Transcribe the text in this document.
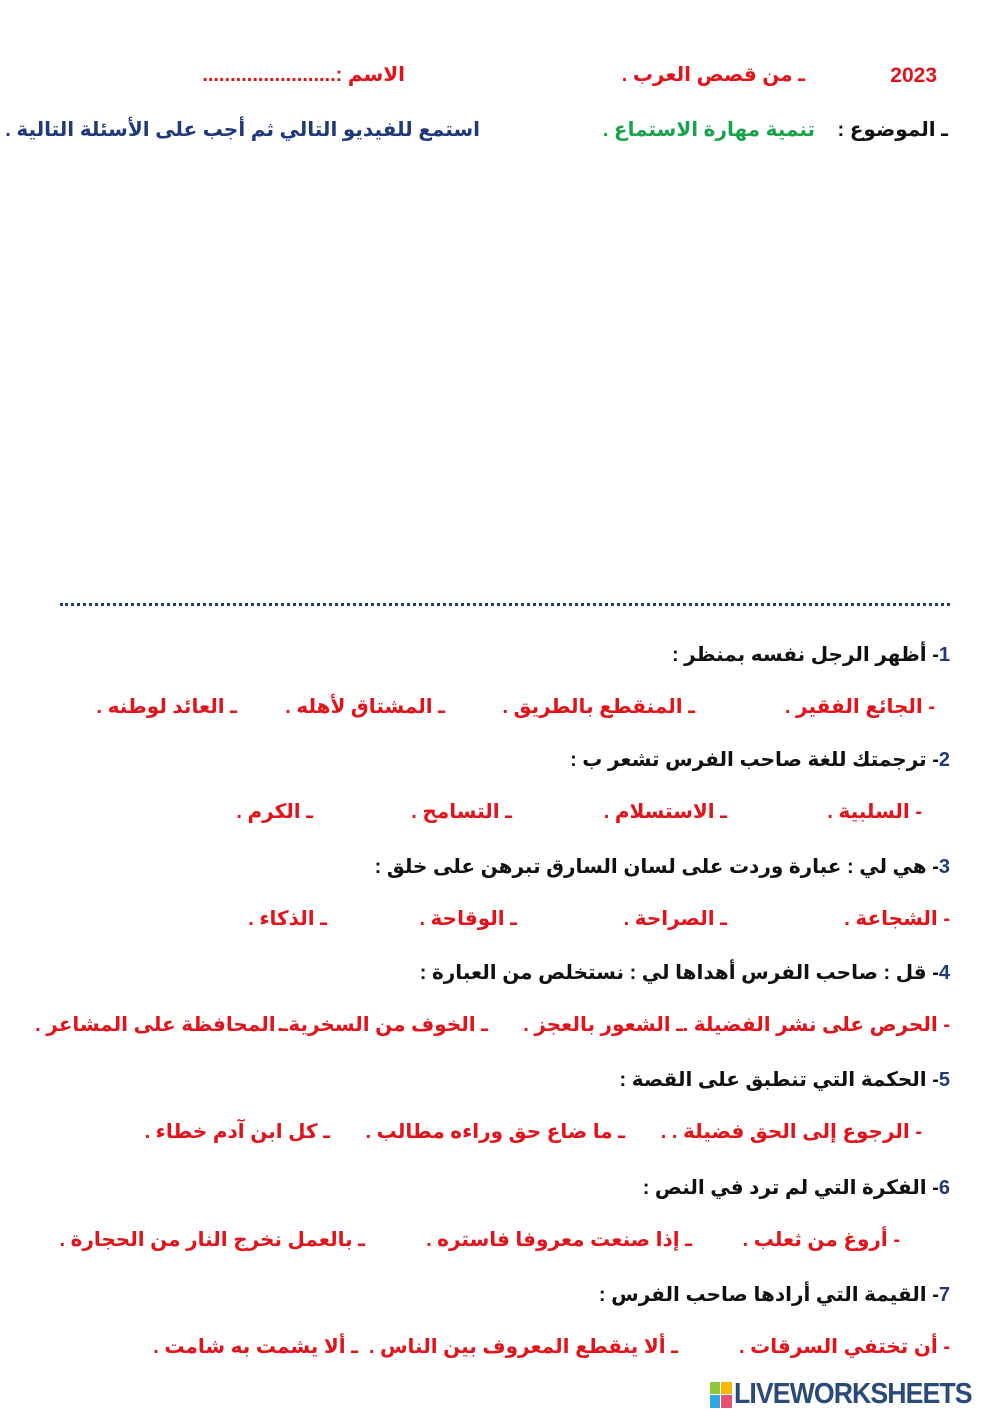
2023
ـ من قصص العرب .
الاسم :........................
ـ الموضوع :
تنمية مهارة الاستماع .
استمع للفيديو التالي ثم أجب على الأسئلة التالية .
1- أظهر الرجل نفسه بمنظر :
- الجائع الفقير .
ـ المنقطع بالطريق .
ـ المشتاق لأهله .
ـ العائد لوطنه .
2- ترجمتك للغة صاحب الفرس تشعر ب :
- السلبية .
ـ الاستسلام .
ـ التسامح .
ـ الكرم .
3- هي لي : عبارة وردت على لسان السارق تبرهن على خلق :
- الشجاعة .
ـ الصراحة .
ـ الوقاحة .
ـ الذكاء .
4- قل : صاحب الفرس أهداها لي : نستخلص من العبارة :
- الحرص على نشر الفضيلة .
ـ الشعور بالعجز .
ـ الخوف من السخرية .
ـ المحافظة على المشاعر .
5- الحكمة التي تنطبق على القصة :
- الرجوع إلى الحق فضيلة . .
ـ ما ضاع حق وراءه مطالب .
ـ كل ابن آدم خطاء .
6- الفكرة التي لم ترد في النص :
- أروغ من ثعلب .
ـ إذا صنعت معروفا فاستره .
ـ بالعمل نخرج النار من الحجارة .
7- القيمة التي أرادها صاحب الفرس :
- أن تختفي السرقات .
ـ ألا ينقطع المعروف بين الناس .
ـ ألا يشمت به شامت .
LIVEWORKSHEETS
